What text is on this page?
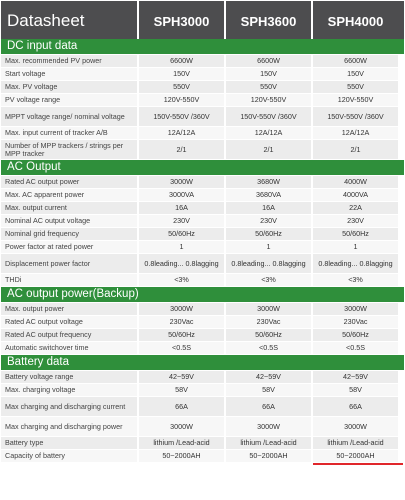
Datasheet	SPH3000	SPH3600	SPH4000
DC input data
Max. recommended PV power	6600W	6600W	6600W
Start voltage	150V	150V	150V
Max. PV voltage	550V	550V	550V
PV voltage range	120V-550V	120V-550V	120V-550V
MPPT voltage range/ nominal voltage	150V-550V /360V	150V-550V /360V	150V-550V /360V
Max. input current of tracker A/B	12A/12A	12A/12A	12A/12A
Number of MPP trackers / strings per MPP tracker	2/1	2/1	2/1
AC Output
Rated AC output power	3000W	3680W	4000W
Max. AC apparent power	3000VA	3680VA	4000VA
Max. output current	16A	16A	22A
Nominal AC output voltage	230V	230V	230V
Nominal grid frequency	50/60Hz	50/60Hz	50/60Hz
Power factor at rated power	1	1	1
Displacement power factor	0.8leading... 0.8lagging	0.8leading... 0.8lagging	0.8leading... 0.8lagging
THDi	<3%	<3%	<3%
AC output power(Backup)
Max. output power	3000W	3000W	3000W
Rated AC output voltage	230Vac	230Vac	230Vac
Rated AC output frequency	50/60Hz	50/60Hz	50/60Hz
Automatic switchover time	<0.5S	<0.5S	<0.5S
Battery data
Battery voltage range	42~59V	42~59V	42~59V
Max. charging voltage	58V	58V	58V
Max charging and discharging current	66A	66A	66A
Max charging and discharging power	3000W	3000W	3000W
Battery type	lithium /Lead-acid	lithium /Lead-acid	lithium /Lead-acid
Capacity of battery	50~2000AH	50~2000AH	50~2000AH
